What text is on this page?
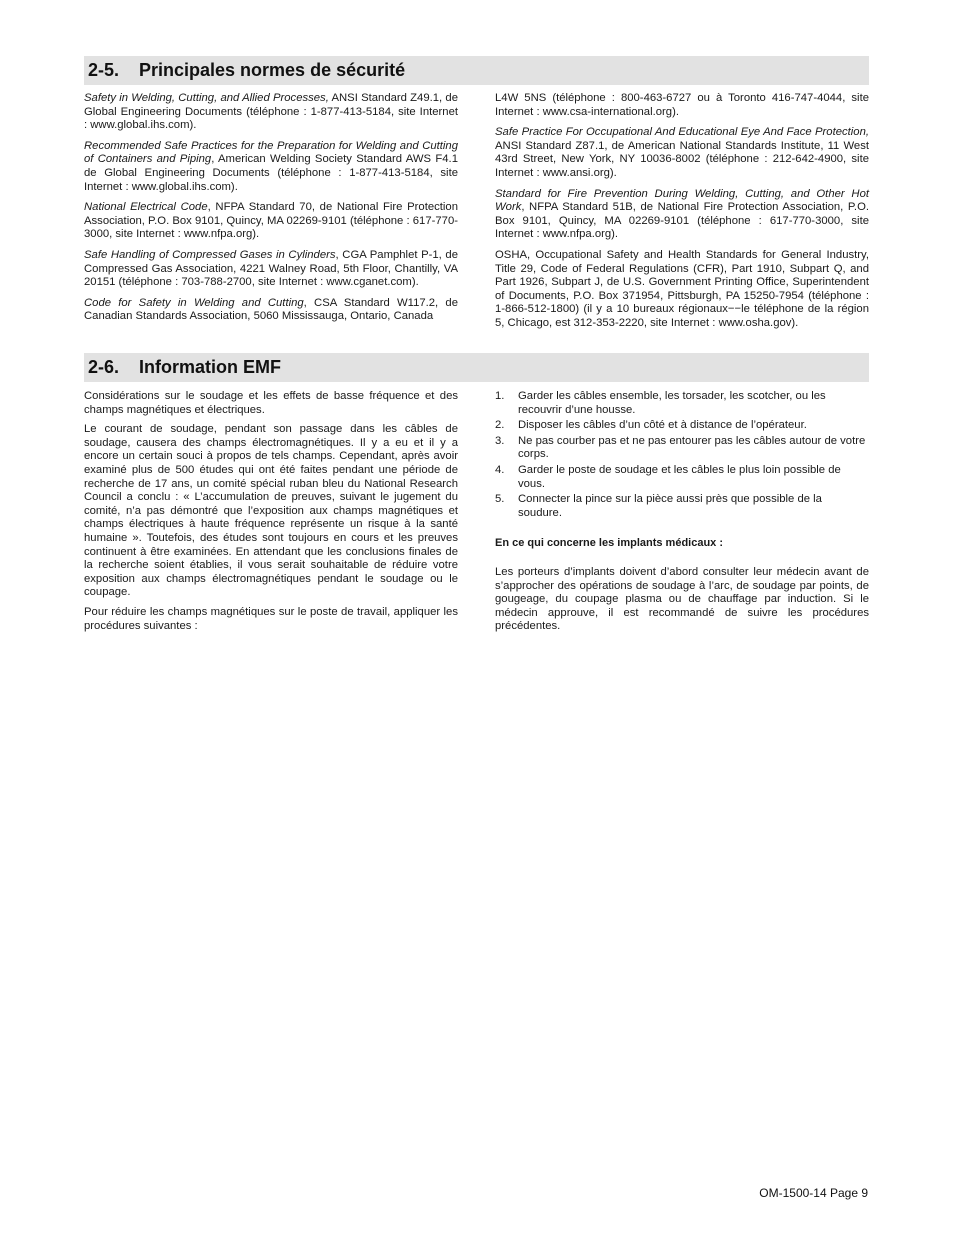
2-5. Principales normes de sécurité

Safety in Welding, Cutting, and Allied Processes, ANSI Standard Z49.1, de Global Engineering Documents (téléphone : 1-877-413-5184, site Internet : www.global.ihs.com).

Recommended Safe Practices for the Preparation for Welding and Cutting of Containers and Piping, American Welding Society Standard AWS F4.1 de Global Engineering Documents (téléphone : 1-877-413-5184, site Internet : www.global.ihs.com).

National Electrical Code, NFPA Standard 70, de National Fire Protection Association, P.O. Box 9101, Quincy, MA 02269-9101 (téléphone : 617-770-3000, site Internet : www.nfpa.org).

Safe Handling of Compressed Gases in Cylinders, CGA Pamphlet P-1, de Compressed Gas Association, 4221 Walney Road, 5th Floor, Chantilly, VA 20151 (téléphone : 703-788-2700, site Internet : www.cganet.com).

Code for Safety in Welding and Cutting, CSA Standard W117.2, de Canadian Standards Association, 5060 Mississauga, Ontario, Canada

L4W 5NS (téléphone : 800-463-6727 ou à Toronto 416-747-4044, site Internet : www.csa-international.org).

Safe Practice For Occupational And Educational Eye And Face Protection, ANSI Standard Z87.1, de American National Standards Institute, 11 West 43rd Street, New York, NY 10036-8002 (téléphone : 212-642-4900, site Internet : www.ansi.org).

Standard for Fire Prevention During Welding, Cutting, and Other Hot Work, NFPA Standard 51B, de National Fire Protection Association, P.O. Box 9101, Quincy, MA 02269-9101 (téléphone : 617-770-3000, site Internet : www.nfpa.org).

OSHA, Occupational Safety and Health Standards for General Industry, Title 29, Code of Federal Regulations (CFR), Part 1910, Subpart Q, and Part 1926, Subpart J, de U.S. Government Printing Office, Superintendent of Documents, P.O. Box 371954, Pittsburgh, PA 15250-7954 (téléphone : 1-866-512-1800) (il y a 10 bureaux régionaux−−le téléphone de la région 5, Chicago, est 312-353-2220, site Internet : www.osha.gov).

2-6. Information EMF

Considérations sur le soudage et les effets de basse fréquence et des champs magnétiques et électriques.

Le courant de soudage, pendant son passage dans les câbles de soudage, causera des champs électromagnétiques. Il y a eu et il y a encore un certain souci à propos de tels champs. Cependant, après avoir examiné plus de 500 études qui ont été faites pendant une période de recherche de 17 ans, un comité spécial ruban bleu du National Research Council a conclu : « L’accumulation de preuves, suivant le jugement du comité, n’a pas démontré que l’exposition aux champs magnétiques et champs électriques à haute fréquence représente un risque à la santé humaine ». Toutefois, des études sont toujours en cours et les preuves continuent à être examinées. En attendant que les conclusions finales de la recherche soient établies, il vous serait souhaitable de réduire votre exposition aux champs électromagnétiques pendant le soudage ou le coupage.

Pour réduire les champs magnétiques sur le poste de travail, appliquer les procédures suivantes :

1. Garder les câbles ensemble, les torsader, les scotcher, ou les recouvrir d’une housse.
2. Disposer les câbles d’un côté et à distance de l’opérateur.
3. Ne pas courber pas et ne pas entourer pas les câbles autour de votre corps.
4. Garder le poste de soudage et les câbles le plus loin possible de vous.
5. Connecter la pince sur la pièce aussi près que possible de la soudure.

En ce qui concerne les implants médicaux :

Les porteurs d’implants doivent d’abord consulter leur médecin avant de s’approcher des opérations de soudage à l’arc, de soudage par points, de gougeage, du coupage plasma ou de chauffage par induction. Si le médecin approuve, il est recommandé de suivre les procédures précédentes.

OM-1500-14 Page 9
